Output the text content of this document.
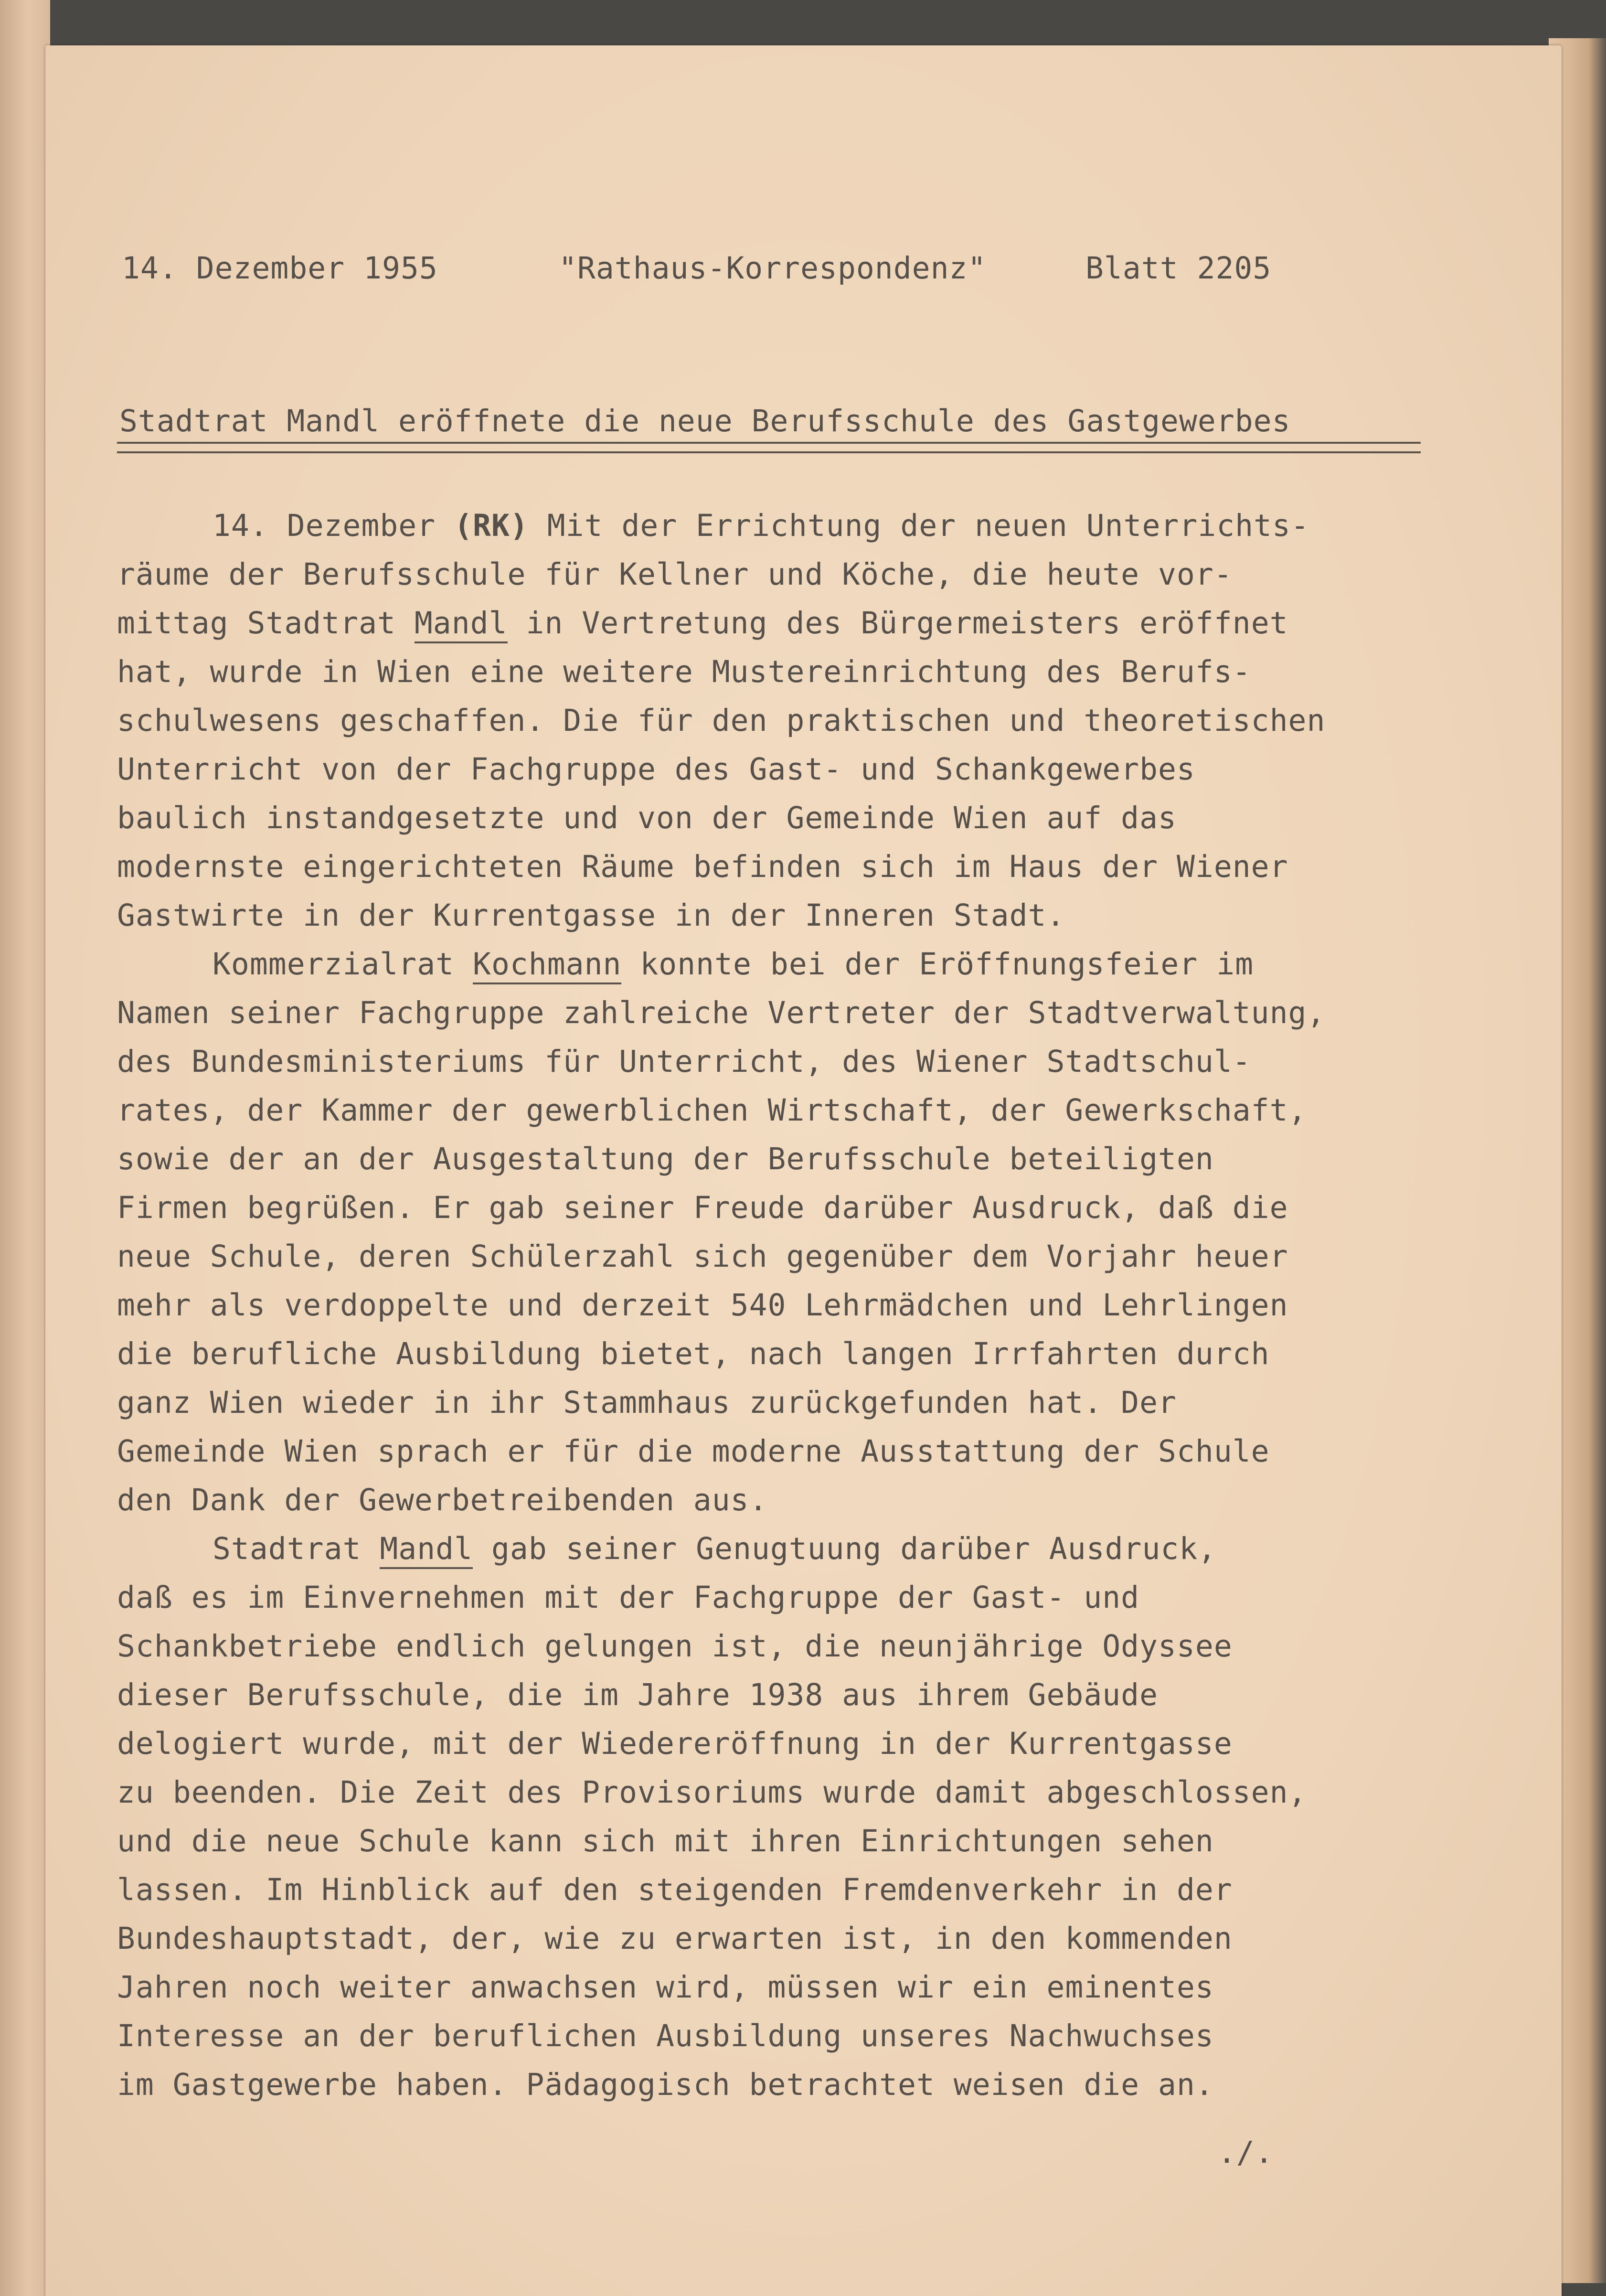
14. Dezember 1955	"Rathaus-Korrespondenz"	Blatt 2205
Stadtrat Mandl eröffnete die neue Berufsschule des Gastgewerbes
14. Dezember (RK) Mit der Errichtung der neuen Unterrichts-
räume der Berufsschule für Kellner und Köche, die heute vor-
mittag Stadtrat Mandl in Vertretung des Bürgermeisters eröffnet
hat, wurde in Wien eine weitere Mustereinrichtung des Berufs-
schulwesens geschaffen. Die für den praktischen und theoretischen
Unterricht von der Fachgruppe des Gast- und Schankgewerbes
baulich instandgesetzte und von der Gemeinde Wien auf das
modernste eingerichteten Räume befinden sich im Haus der Wiener
Gastwirte in der Kurrentgasse in der Inneren Stadt.
Kommerzialrat Kochmann konnte bei der Eröffnungsfeier im
Namen seiner Fachgruppe zahlreiche Vertreter der Stadtverwaltung,
des Bundesministeriums für Unterricht, des Wiener Stadtschul-
rates, der Kammer der gewerblichen Wirtschaft, der Gewerkschaft,
sowie der an der Ausgestaltung der Berufsschule beteiligten
Firmen begrüßen. Er gab seiner Freude darüber Ausdruck, daß die
neue Schule, deren Schülerzahl sich gegenüber dem Vorjahr heuer
mehr als verdoppelte und derzeit 540 Lehrmädchen und Lehrlingen
die berufliche Ausbildung bietet, nach langen Irrfahrten durch
ganz Wien wieder in ihr Stammhaus zurückgefunden hat. Der
Gemeinde Wien sprach er für die moderne Ausstattung der Schule
den Dank der Gewerbetreibenden aus.
Stadtrat Mandl gab seiner Genugtuung darüber Ausdruck,
daß es im Einvernehmen mit der Fachgruppe der Gast- und
Schankbetriebe endlich gelungen ist, die neunjährige Odyssee
dieser Berufsschule, die im Jahre 1938 aus ihrem Gebäude
delogiert wurde, mit der Wiedereröffnung in der Kurrentgasse
zu beenden. Die Zeit des Provisoriums wurde damit abgeschlossen,
und die neue Schule kann sich mit ihren Einrichtungen sehen
lassen. Im Hinblick auf den steigenden Fremdenverkehr in der
Bundeshauptstadt, der, wie zu erwarten ist, in den kommenden
Jahren noch weiter anwachsen wird, müssen wir ein eminentes
Interesse an der beruflichen Ausbildung unseres Nachwuchses
im Gastgewerbe haben. Pädagogisch betrachtet weisen die an.
./.
